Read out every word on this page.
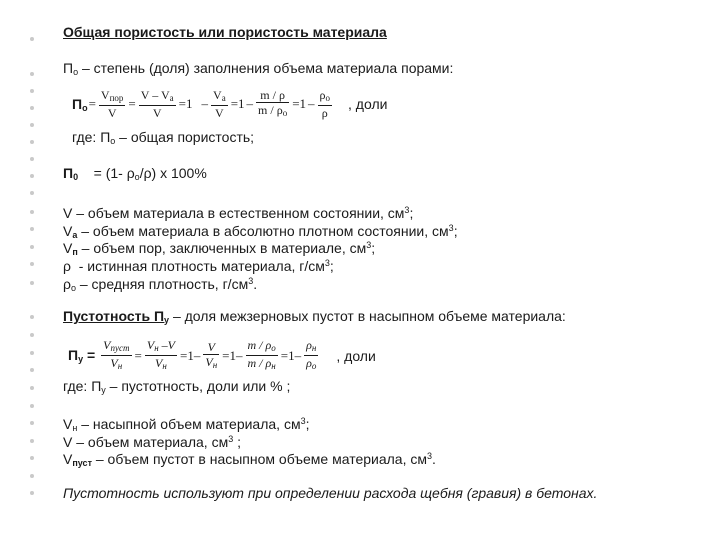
Общая пористость или пористость материала
$П_о$ – степень (доля) заполнения объема материала порами:
$П_о = \frac{V_{пор}}{V} = \frac{V - V_a}{V} =1 - \frac{V_a}{V} =1 - \frac{m / \rho}{m / \rho_o} =1 - \frac{\rho_o}{\rho}$ , доли
где: $П_о$ – общая пористость;
$П_0$    = (1- $\rho_о/\rho$) х 100%
V – объем материала в естественном состоянии, $см^3$;
$V_а$ – объем материала в абсолютно плотном состоянии, $см^3$;
$V_п$ – объем пор, заключенных в материале, $см^3$;
ρ  - истинная плотность материала, $г/см^3$;
$\rho_о$ – средняя плотность, $г/см^3$.
Пустотность $П_у$ – доля межзерновых пустот в насыпном объеме материала:
$П_у = \frac{V_{пуст}}{V_н} = \frac{V_н -V}{V_н} =1- \frac{V}{V_н} =1- \frac{m / \rho_o}{m / \rho_н} =1- \frac{\rho_н}{\rho_о}$ , доли
где: $П_у$ – пустотность, доли или % ;
$V_н$ – насыпной объем материала, $см^3$;
V – объем материала, $см^3$ ;
$V_{пуст}$ – объем пустот в насыпном объеме материала, $см^3$.
Пустотность используют при определении расхода щебня (гравия) в бетонах.
